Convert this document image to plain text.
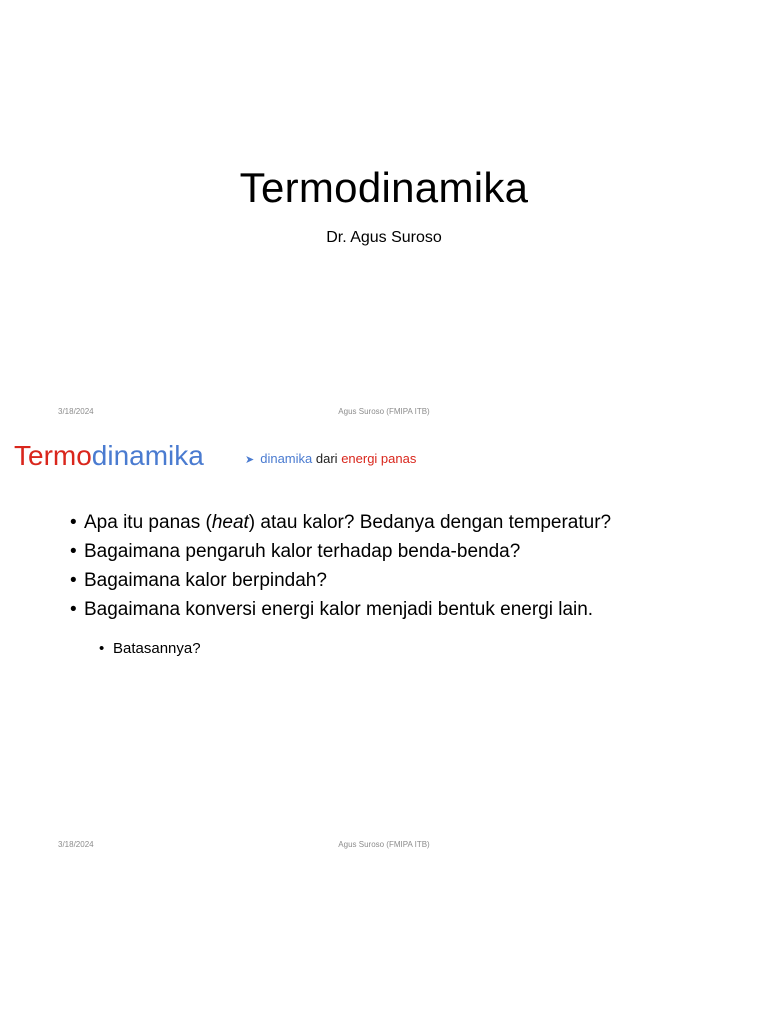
Termodinamika
Dr. Agus Suroso
3/18/2024	Agus Suroso (FMIPA ITB)
Termodinamika	➤ dinamika dari energi panas
• Apa itu panas (heat) atau kalor? Bedanya dengan temperatur?
• Bagaimana pengaruh kalor terhadap benda-benda?
• Bagaimana kalor berpindah?
• Bagaimana konversi energi kalor menjadi bentuk energi lain.
• Batasannya?
3/18/2024	Agus Suroso (FMIPA ITB)
